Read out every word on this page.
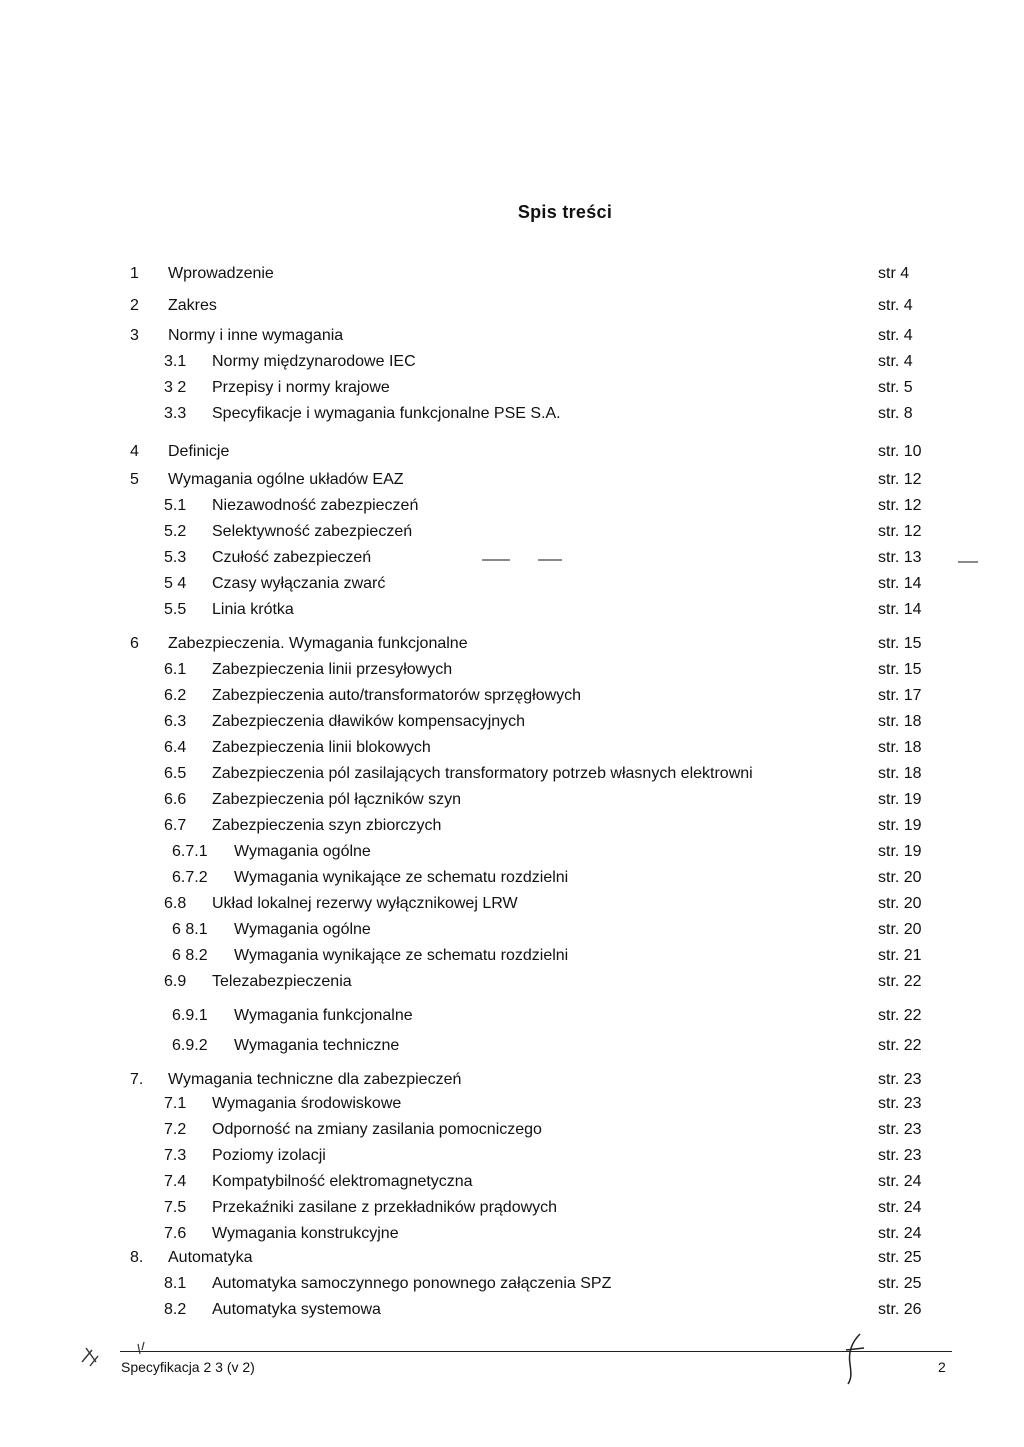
Spis treści
1 Wprowadzenie	str 4
2 Zakres	str. 4
3 Normy i inne wymagania	str. 4
3.1 Normy międzynarodowe IEC	str. 4
3 2 Przepisy i normy krajowe	str. 5
3.3 Specyfikacje i wymagania funkcjonalne PSE S.A.	str. 8
4 Definicje	str. 10
5 Wymagania ogólne układów EAZ	str. 12
5.1 Niezawodność zabezpieczeń	str. 12
5.2 Selektywność zabezpieczeń	str. 12
5.3 Czułość zabezpieczeń	str. 13
5 4 Czasy wyłączania zwarć	str. 14
5.5 Linia krótka	str. 14
6 Zabezpieczenia. Wymagania funkcjonalne	str. 15
6.1 Zabezpieczenia linii przesyłowych	str. 15
6.2 Zabezpieczenia auto/transformatorów sprzęgłowych	str. 17
6.3 Zabezpieczenia dławików kompensacyjnych	str. 18
6.4 Zabezpieczenia linii blokowych	str. 18
6.5 Zabezpieczenia pól zasilających transformatory potrzeb własnych elektrowni	str. 18
6.6 Zabezpieczenia pól łączników szyn	str. 19
6.7 Zabezpieczenia szyn zbiorczych	str. 19
6.7.1 Wymagania ogólne	str. 19
6.7.2 Wymagania wynikające ze schematu rozdzielni	str. 20
6.8 Układ lokalnej rezerwy wyłącznikowej LRW	str. 20
6 8.1 Wymagania ogólne	str. 20
6 8.2 Wymagania wynikające ze schematu rozdzielni	str. 21
6.9 Telezabezpieczenia	str. 22
6.9.1 Wymagania funkcjonalne	str. 22
6.9.2 Wymagania techniczne	str. 22
7. Wymagania techniczne dla zabezpieczeń	str. 23
7.1 Wymagania środowiskowe	str. 23
7.2 Odporność na zmiany zasilania pomocniczego	str. 23
7.3 Poziomy izolacji	str. 23
7.4 Kompatybilność elektromagnetyczna	str. 24
7.5 Przekaźniki zasilane z przekładników prądowych	str. 24
7.6 Wymagania konstrukcyjne	str. 24
8. Automatyka	str. 25
8.1 Automatyka samoczynnego ponownego załączenia SPZ	str. 25
8.2 Automatyka systemowa	str. 26
Specyfikacja 2 3 (v 2)	2
